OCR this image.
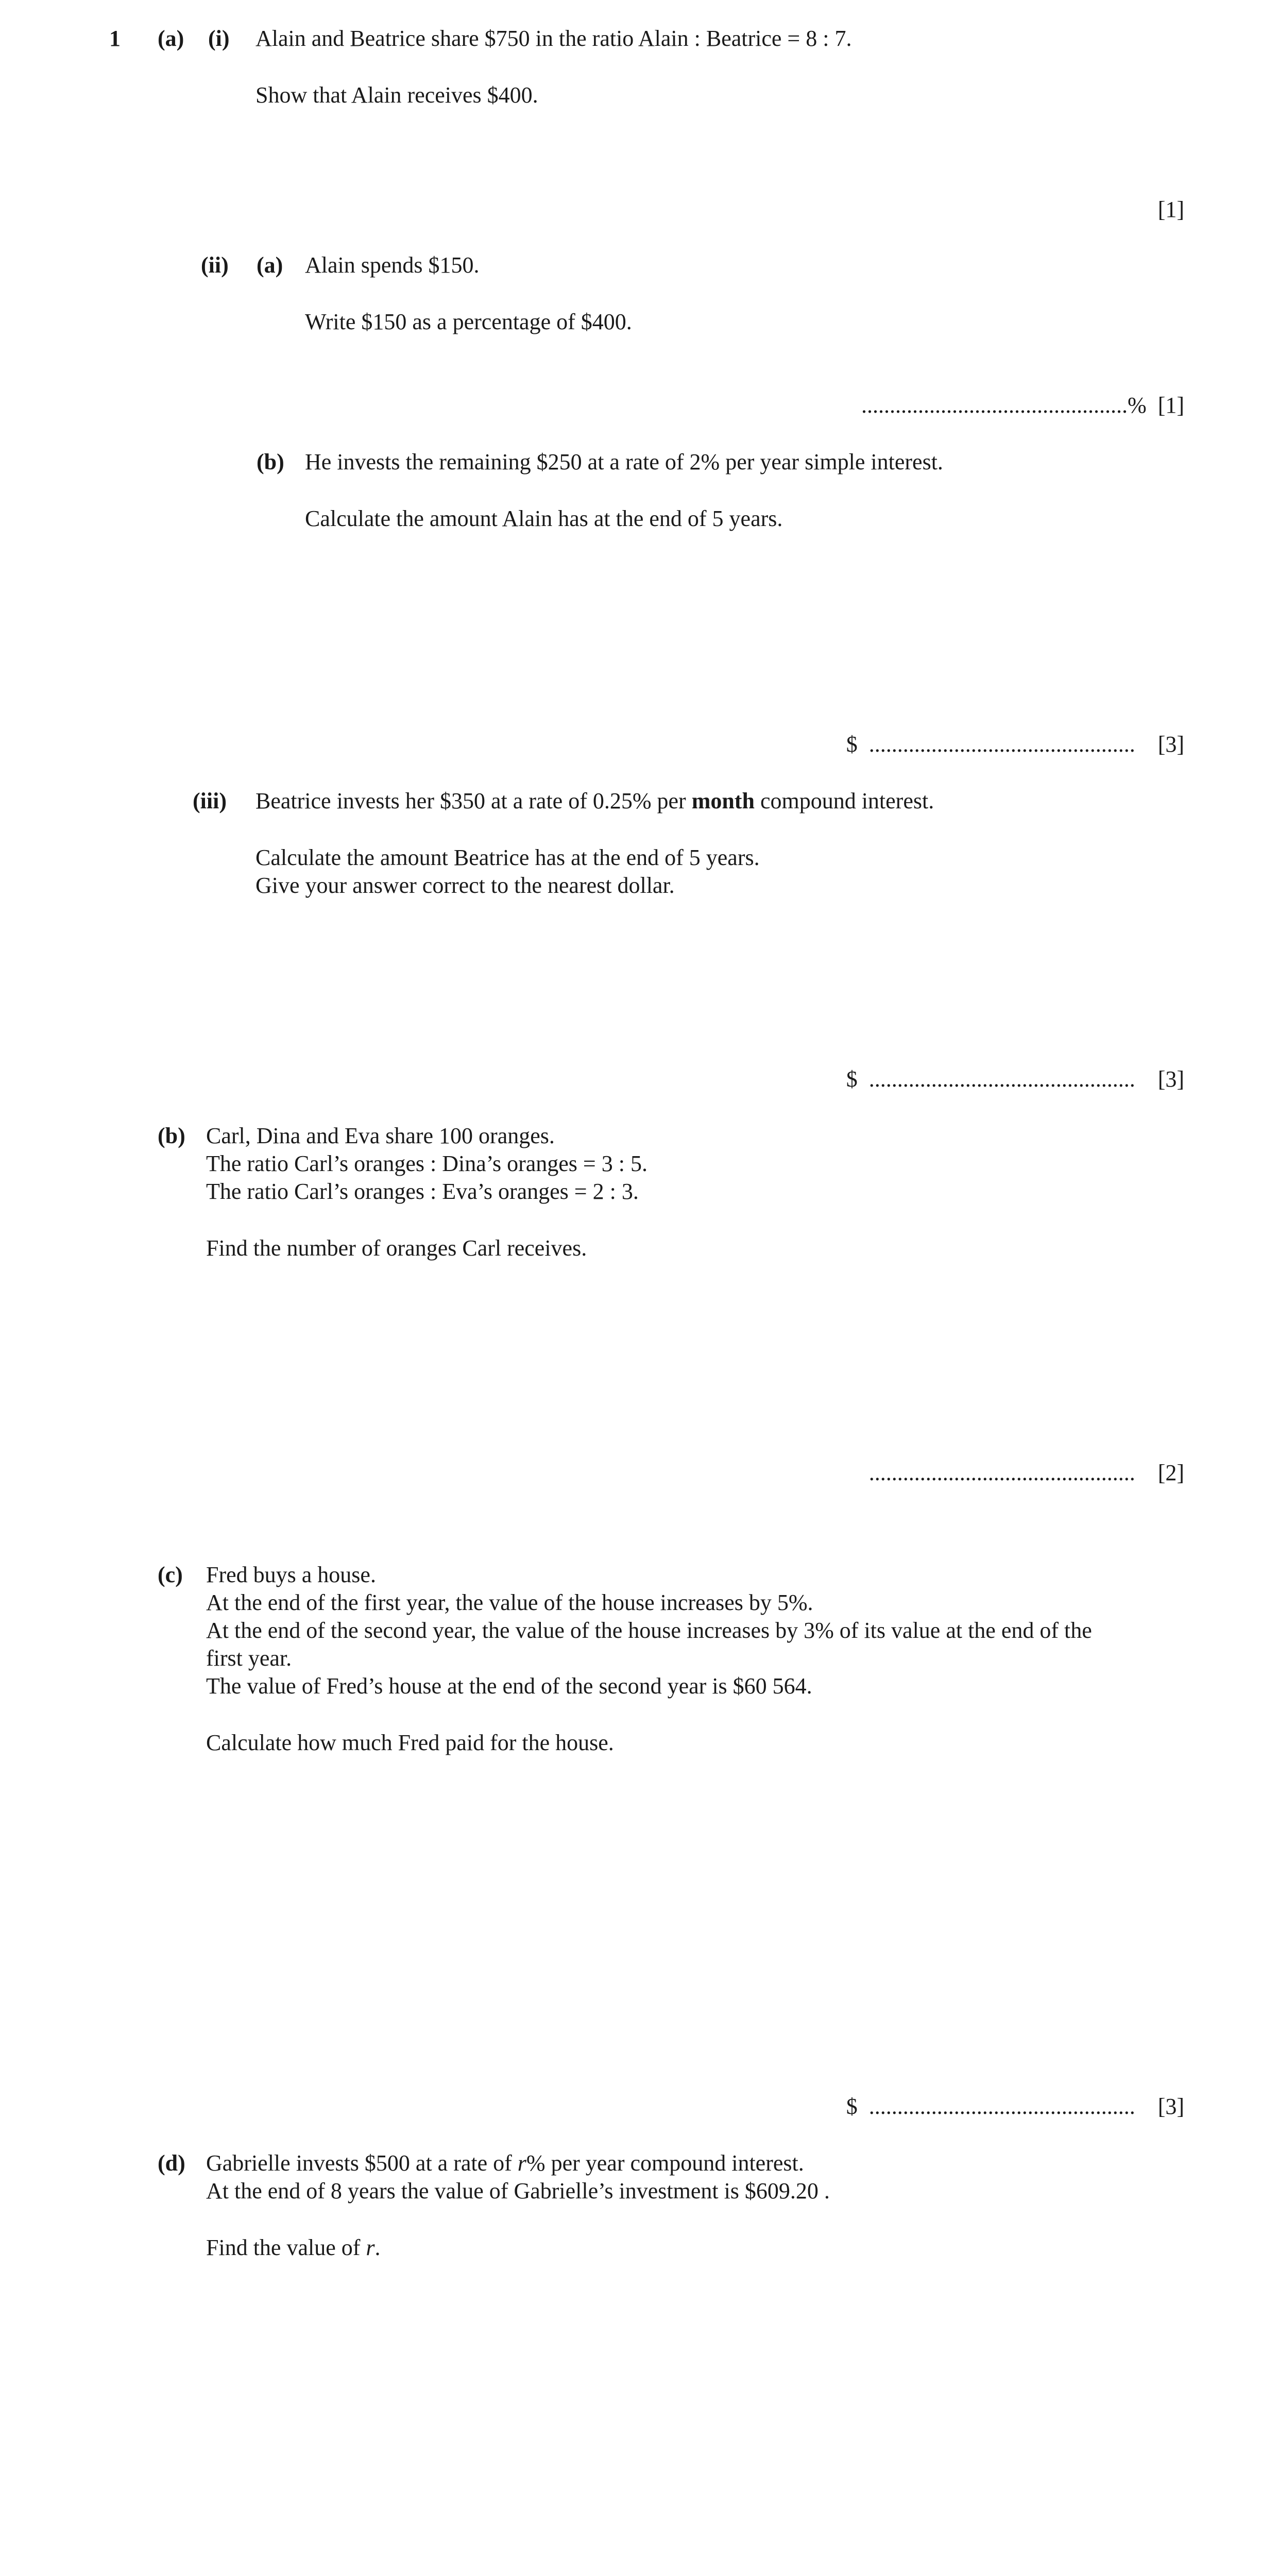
1 (a) (i) Alain and Beatrice share $750 in the ratio Alain : Beatrice = 8 : 7.
Show that Alain receives $400.
[1]
(ii) (a) Alain spends $150.
Write $150 as a percentage of $400.
...............................................% [1]
(b) He invests the remaining $250 at a rate of 2% per year simple interest.
Calculate the amount Alain has at the end of 5 years.
$ ............................................... [3]
(iii) Beatrice invests her $350 at a rate of 0.25% per month compound interest.
Calculate the amount Beatrice has at the end of 5 years.
Give your answer correct to the nearest dollar.
$ ............................................... [3]
(b) Carl, Dina and Eva share 100 oranges.
The ratio Carl’s oranges : Dina’s oranges = 3 : 5.
The ratio Carl’s oranges : Eva’s oranges = 2 : 3.
Find the number of oranges Carl receives.
............................................... [2]
(c) Fred buys a house.
At the end of the first year, the value of the house increases by 5%.
At the end of the second year, the value of the house increases by 3% of its value at the end of the
first year.
The value of Fred’s house at the end of the second year is $60 564.
Calculate how much Fred paid for the house.
$ ............................................... [3]
(d) Gabrielle invests $500 at a rate of r% per year compound interest.
At the end of 8 years the value of Gabrielle’s investment is $609.20 .
Find the value of r.
